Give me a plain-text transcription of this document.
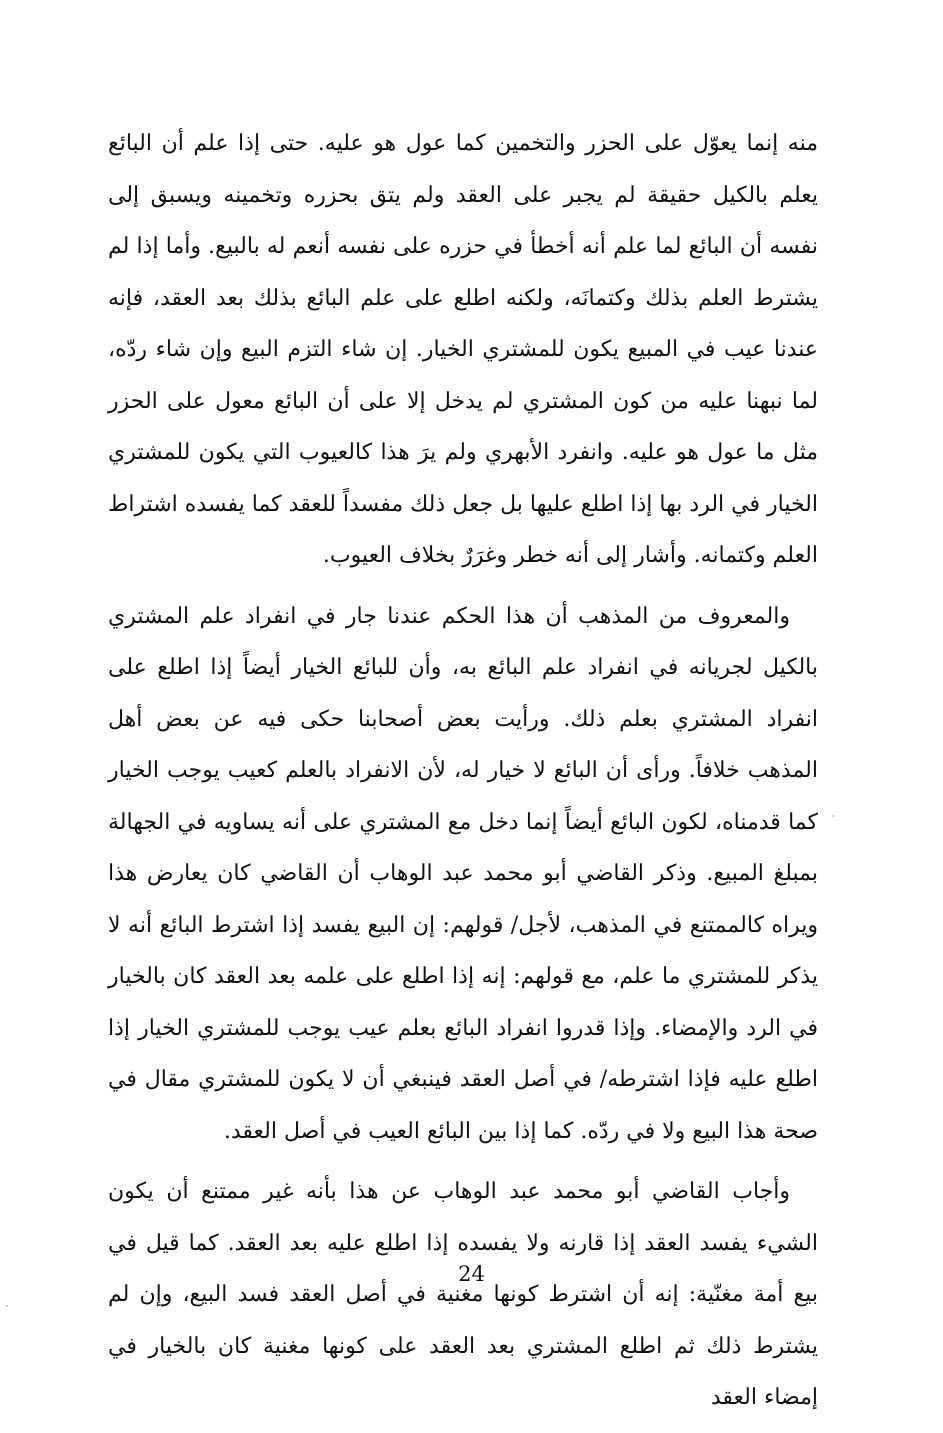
منه إنما يعوّل على الحزر والتخمين كما عول هو عليه. حتى إذا علم أن البائع يعلم بالكيل حقيقة لم يجبر على العقد ولم يتق بحزره وتخمينه ويسبق إلى نفسه أن البائع لما علم أنه أخطأ في حزره على نفسه أنعم له بالبيع. وأما إذا لم يشترط العلم بذلك وكتمانَه، ولكنه اطلع على علم البائع بذلك بعد العقد، فإنه عندنا عيب في المبيع يكون للمشتري الخيار. إن شاء التزم البيع وإن شاء ردّه، لما نبهنا عليه من كون المشتري لم يدخل إلا على أن البائع معول على الحزر مثل ما عول هو عليه. وانفرد الأبهري ولم يرَ هذا كالعيوب التي يكون للمشتري الخيار في الرد بها إذا اطلع عليها بل جعل ذلك مفسداً للعقد كما يفسده اشتراط العلم وكتمانه. وأشار إلى أنه خطر وغرَرٌ بخلاف العيوب.

والمعروف من المذهب أن هذا الحكم عندنا جار في انفراد علم المشتري بالكيل لجريانه في انفراد علم البائع به، وأن للبائع الخيار أيضاً إذا اطلع على انفراد المشتري بعلم ذلك. ورأيت بعض أصحابنا حكى فيه عن بعض أهل المذهب خلافاً. ورأى أن البائع لا خيار له، لأن الانفراد بالعلم كعيب يوجب الخيار كما قدمناه، لكون البائع أيضاً إنما دخل مع المشتري على أنه يساويه في الجهالة بمبلغ المبيع. وذكر القاضي أبو محمد عبد الوهاب أن القاضي كان يعارض هذا ويراه كالممتنع في المذهب، لأجل/ قولهم: إن البيع يفسد إذا اشترط البائع أنه لا يذكر للمشتري ما علم، مع قولهم: إنه إذا اطلع على علمه بعد العقد كان بالخيار في الرد والإمضاء. وإذا قدروا انفراد البائع بعلم عيب يوجب للمشتري الخيار إذا اطلع عليه فإذا اشترطه/ في أصل العقد فينبغي أن لا يكون للمشتري مقال في صحة هذا البيع ولا في ردّه. كما إذا بين البائع العيب في أصل العقد.

وأجاب القاضي أبو محمد عبد الوهاب عن هذا بأنه غير ممتنع أن يكون الشيء يفسد العقد إذا قارنه ولا يفسده إذا اطلع عليه بعد العقد. كما قيل في بيع أمة مغنّية: إنه أن اشترط كونها مغنية في أصل العقد فسد البيع، وإن لم يشترط ذلك ثم اطلع المشتري بعد العقد على كونها مغنية كان بالخيار في إمضاء العقد

24
